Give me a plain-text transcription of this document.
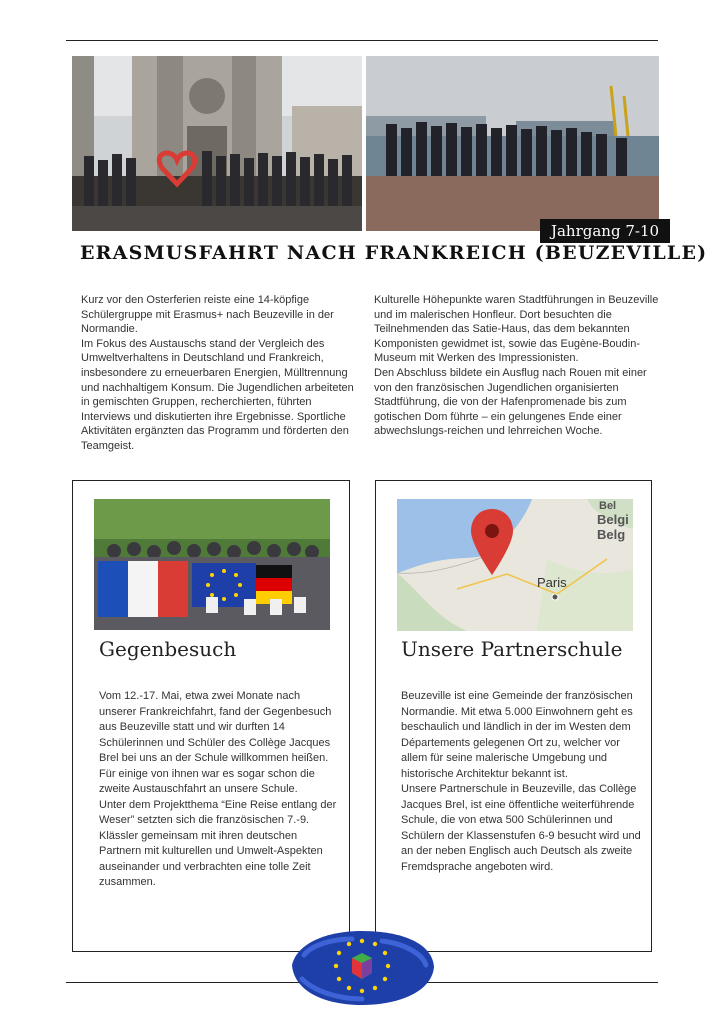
Jahrgang 7-10
ERASMUSFAHRT NACH FRANKREICH (BEUZEVILLE)

Kurz vor den Osterferien reiste eine 14-köpfige Schülergruppe mit Erasmus+ nach Beuzeville in der Normandie.

Im Fokus des Austauschs stand der Vergleich des Umweltverhaltens in Deutschland und Frankreich, insbesondere zu erneuerbaren Energien, Mülltrennung und nachhaltigem Konsum. Die Jugendlichen arbeiteten in gemischten Gruppen, recherchierten, führten Interviews und diskutierten ihre Ergebnisse. Sportliche Aktivitäten ergänzten das Programm und förderten den Teamgeist.

Kulturelle Höhepunkte waren Stadtführungen in Beuzeville und im malerischen Honfleur. Dort besuchten die Teilnehmenden das Satie-Haus, das dem bekannten Komponisten gewidmet ist, sowie das Eugène-Boudin-Museum mit Werken des Impressionisten.

Den Abschluss bildete ein Ausflug nach Rouen mit einer von den französischen Jugendlichen organisierten Stadtführung, die von der Hafenpromenade bis zum gotischen Dom führte – ein gelungenes Ende einer abwechslungs-reichen und lehrreichen Woche.

Gegenbesuch

Vom 12.-17. Mai, etwa zwei Monate nach unserer Frankreichfahrt, fand der Gegenbesuch aus Beuzeville statt und wir durften 14 Schülerinnen und Schüler des Collège Jacques Brel bei uns an der Schule willkommen heißen. Für einige von ihnen war es sogar schon die zweite Austauschfahrt an unsere Schule.

Unter dem Projektthema “Eine Reise entlang der Weser” setzten sich die französischen 7.-9. Klässler gemeinsam mit ihren deutschen Partnern mit kulturellen und Umwelt-Aspekten auseinander und verbrachten eine tolle Zeit zusammen.

Bel
Belgi
Belg
Paris
Unsere Partnerschule

Beuzeville ist eine Gemeinde der französischen Normandie. Mit etwa 5.000 Einwohnern geht es beschaulich und ländlich in der im Westen dem Départements gelegenen Ort zu, welcher vor allem für seine malerische Umgebung und historische Architektur bekannt ist.

Unsere Partnerschule in Beuzeville, das Collège Jacques Brel, ist eine öffentliche weiterführende Schule, die von etwa 500 Schülerinnen und Schülern der Klassenstufen 6-9 besucht wird und an der neben Englisch auch Deutsch als zweite Fremdsprache angeboten wird.
